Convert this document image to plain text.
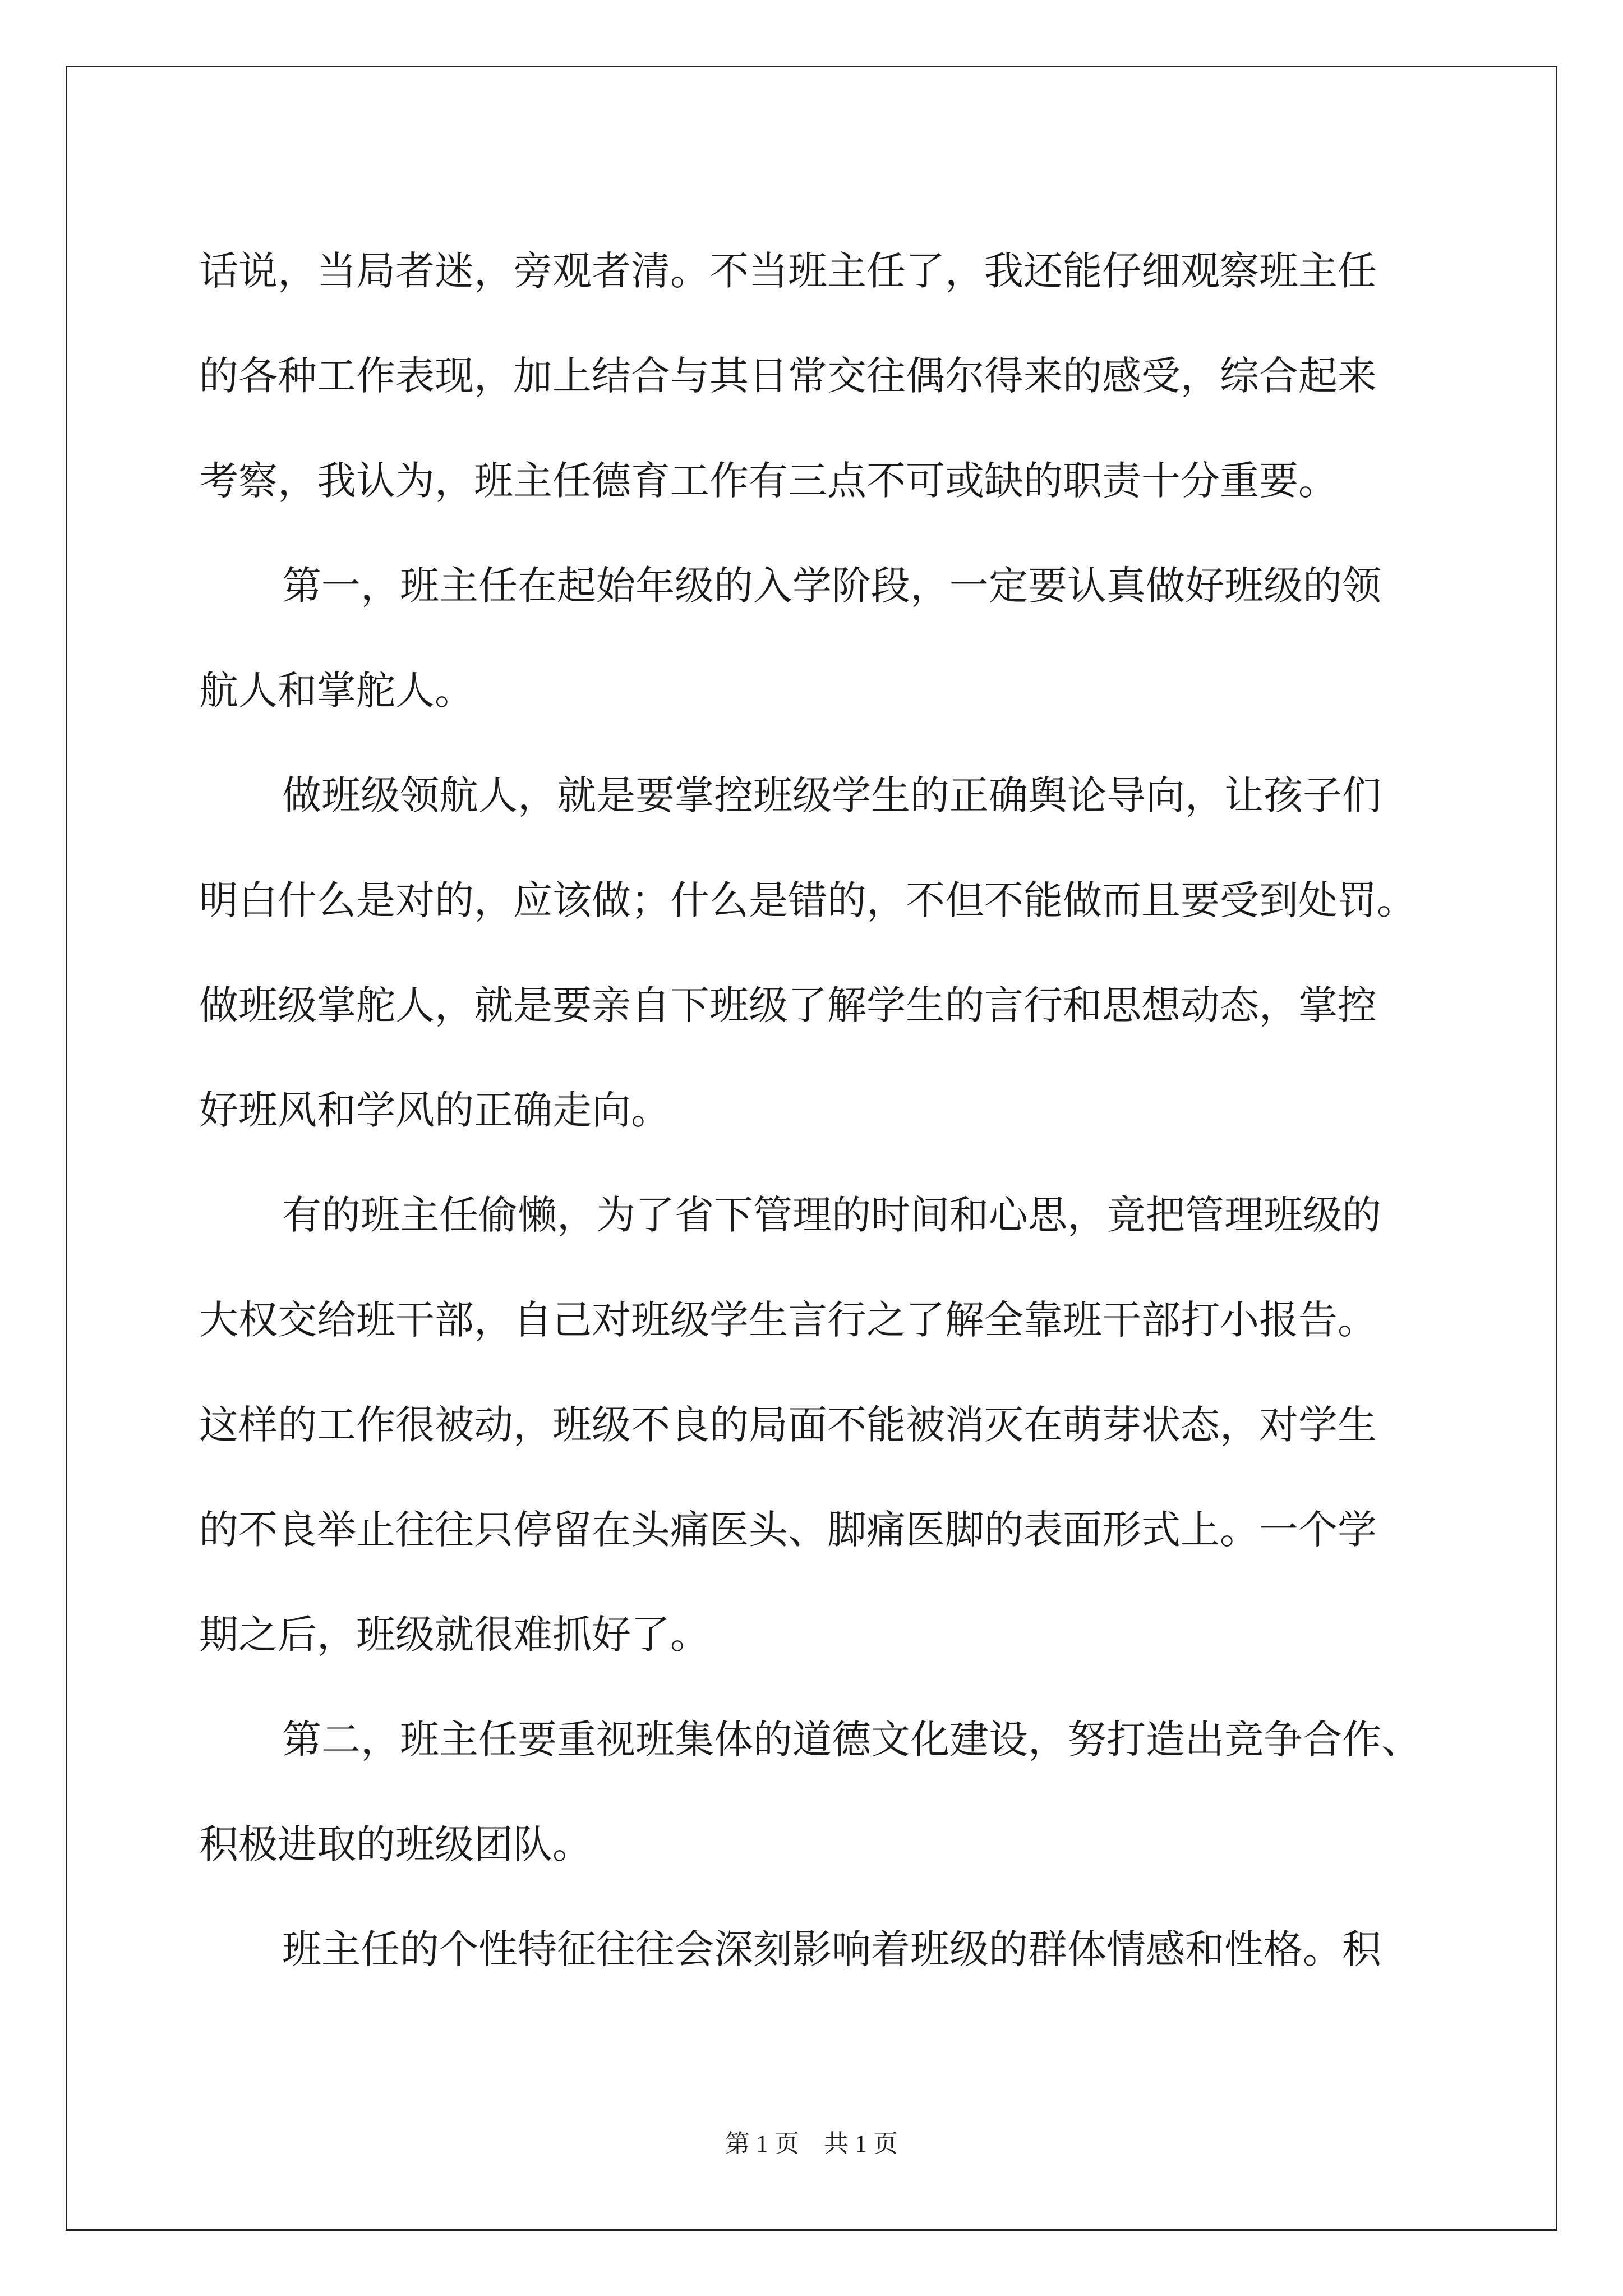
话说，当局者迷，旁观者清。不当班主任了，我还能仔细观察班主任
的各种工作表现，加上结合与其日常交往偶尔得来的感受，综合起来
考察，我认为，班主任德育工作有三点不可或缺的职责十分重要。
第一，班主任在起始年级的入学阶段，一定要认真做好班级的领
航人和掌舵人。
做班级领航人，就是要掌控班级学生的正确舆论导向，让孩子们
明白什么是对的，应该做；什么是错的，不但不能做而且要受到处罚。
做班级掌舵人，就是要亲自下班级了解学生的言行和思想动态，掌控
好班风和学风的正确走向。
有的班主任偷懒，为了省下管理的时间和心思，竟把管理班级的
大权交给班干部，自己对班级学生言行之了解全靠班干部打小报告。
这样的工作很被动，班级不良的局面不能被消灭在萌芽状态，对学生
的不良举止往往只停留在头痛医头、脚痛医脚的表面形式上。一个学
期之后，班级就很难抓好了。
第二，班主任要重视班集体的道德文化建设，努打造出竞争合作、
积极进取的班级团队。
班主任的个性特征往往会深刻影响着班级的群体情感和性格。积
第 1 页　共 1 页
